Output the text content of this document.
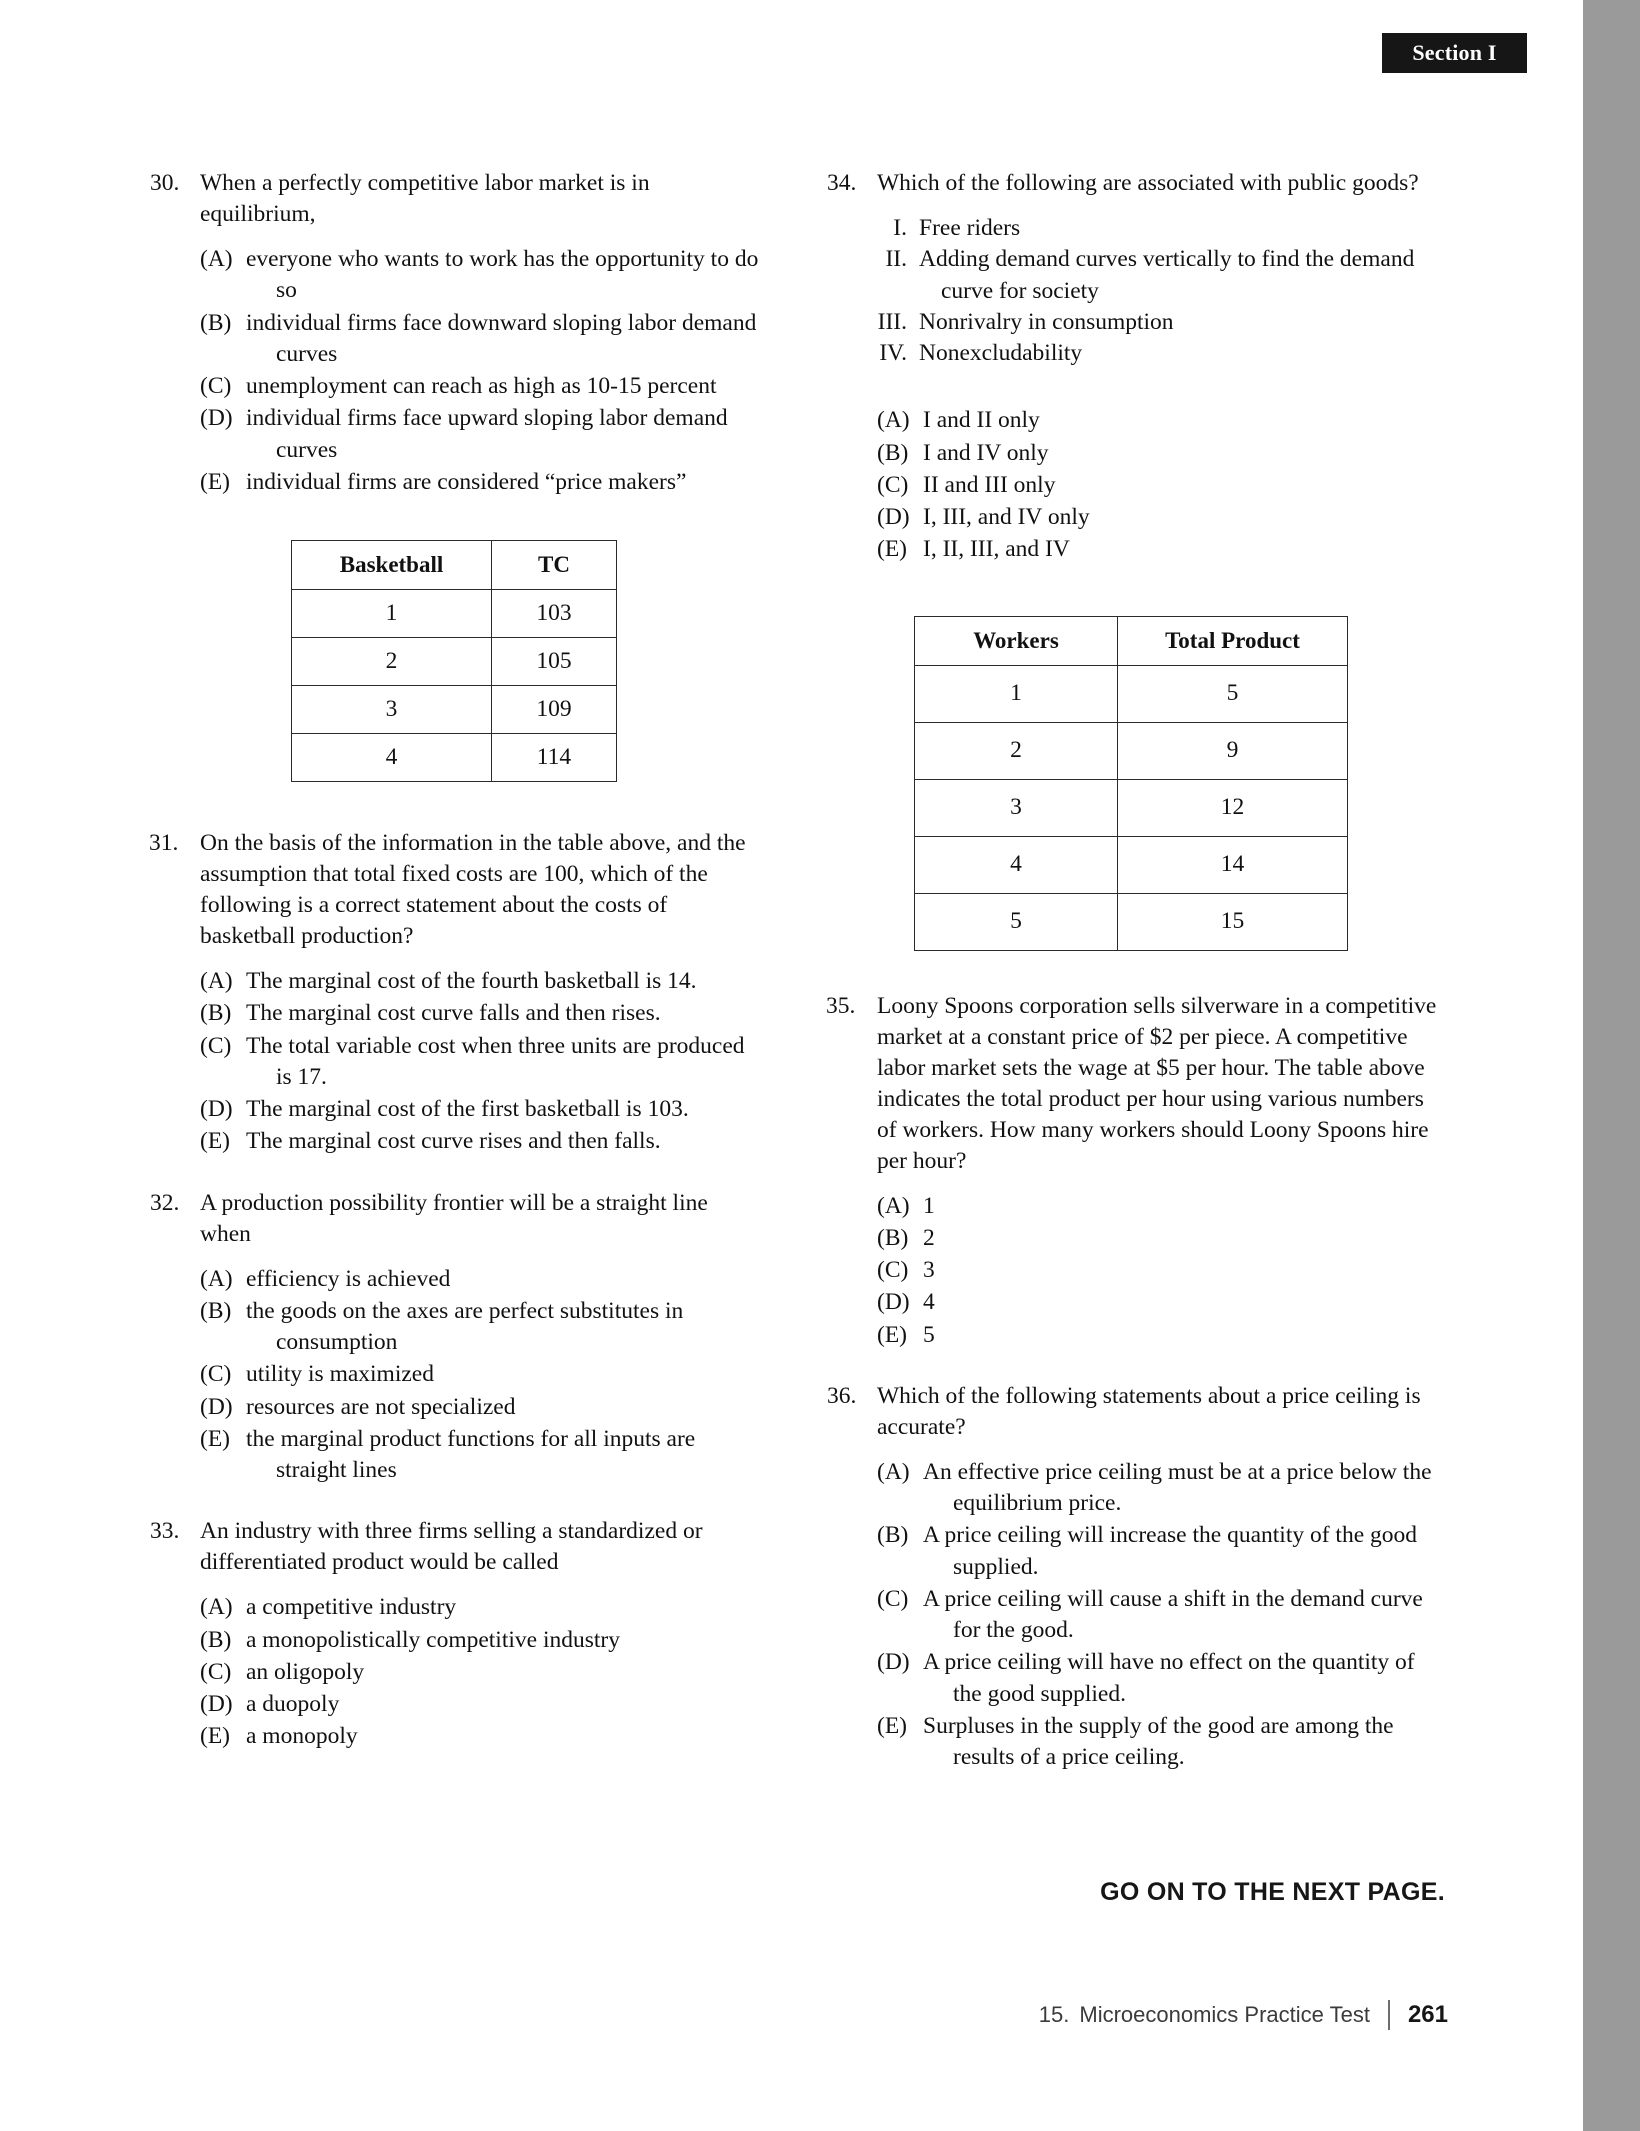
Section I
30. When a perfectly competitive labor market is in equilibrium,
(A) everyone who wants to work has the opportunity to do so
(B) individual firms face downward sloping labor demand curves
(C) unemployment can reach as high as 10-15 percent
(D) individual firms face upward sloping labor demand curves
(E) individual firms are considered “price makers”
Basketball	TC
1	103
2	105
3	109
4	114
31. On the basis of the information in the table above, and the assumption that total fixed costs are 100, which of the following is a correct statement about the costs of basketball production?
(A) The marginal cost of the fourth basketball is 14.
(B) The marginal cost curve falls and then rises.
(C) The total variable cost when three units are produced is 17.
(D) The marginal cost of the first basketball is 103.
(E) The marginal cost curve rises and then falls.
32. A production possibility frontier will be a straight line when
(A) efficiency is achieved
(B) the goods on the axes are perfect substitutes in consumption
(C) utility is maximized
(D) resources are not specialized
(E) the marginal product functions for all inputs are straight lines
33. An industry with three firms selling a standardized or differentiated product would be called
(A) a competitive industry
(B) a monopolistically competitive industry
(C) an oligopoly
(D) a duopoly
(E) a monopoly
34. Which of the following are associated with public goods?
I. Free riders
II. Adding demand curves vertically to find the demand curve for society
III. Nonrivalry in consumption
IV. Nonexcludability
(A) I and II only
(B) I and IV only
(C) II and III only
(D) I, III, and IV only
(E) I, II, III, and IV
Workers	Total Product
1	5
2	9
3	12
4	14
5	15
35. Loony Spoons corporation sells silverware in a competitive market at a constant price of $2 per piece. A competitive labor market sets the wage at $5 per hour. The table above indicates the total product per hour using various numbers of workers. How many workers should Loony Spoons hire per hour?
(A) 1
(B) 2
(C) 3
(D) 4
(E) 5
36. Which of the following statements about a price ceiling is accurate?
(A) An effective price ceiling must be at a price below the equilibrium price.
(B) A price ceiling will increase the quantity of the good supplied.
(C) A price ceiling will cause a shift in the demand curve for the good.
(D) A price ceiling will have no effect on the quantity of the good supplied.
(E) Surpluses in the supply of the good are among the results of a price ceiling.
GO ON TO THE NEXT PAGE.
15. Microeconomics Practice Test 261
